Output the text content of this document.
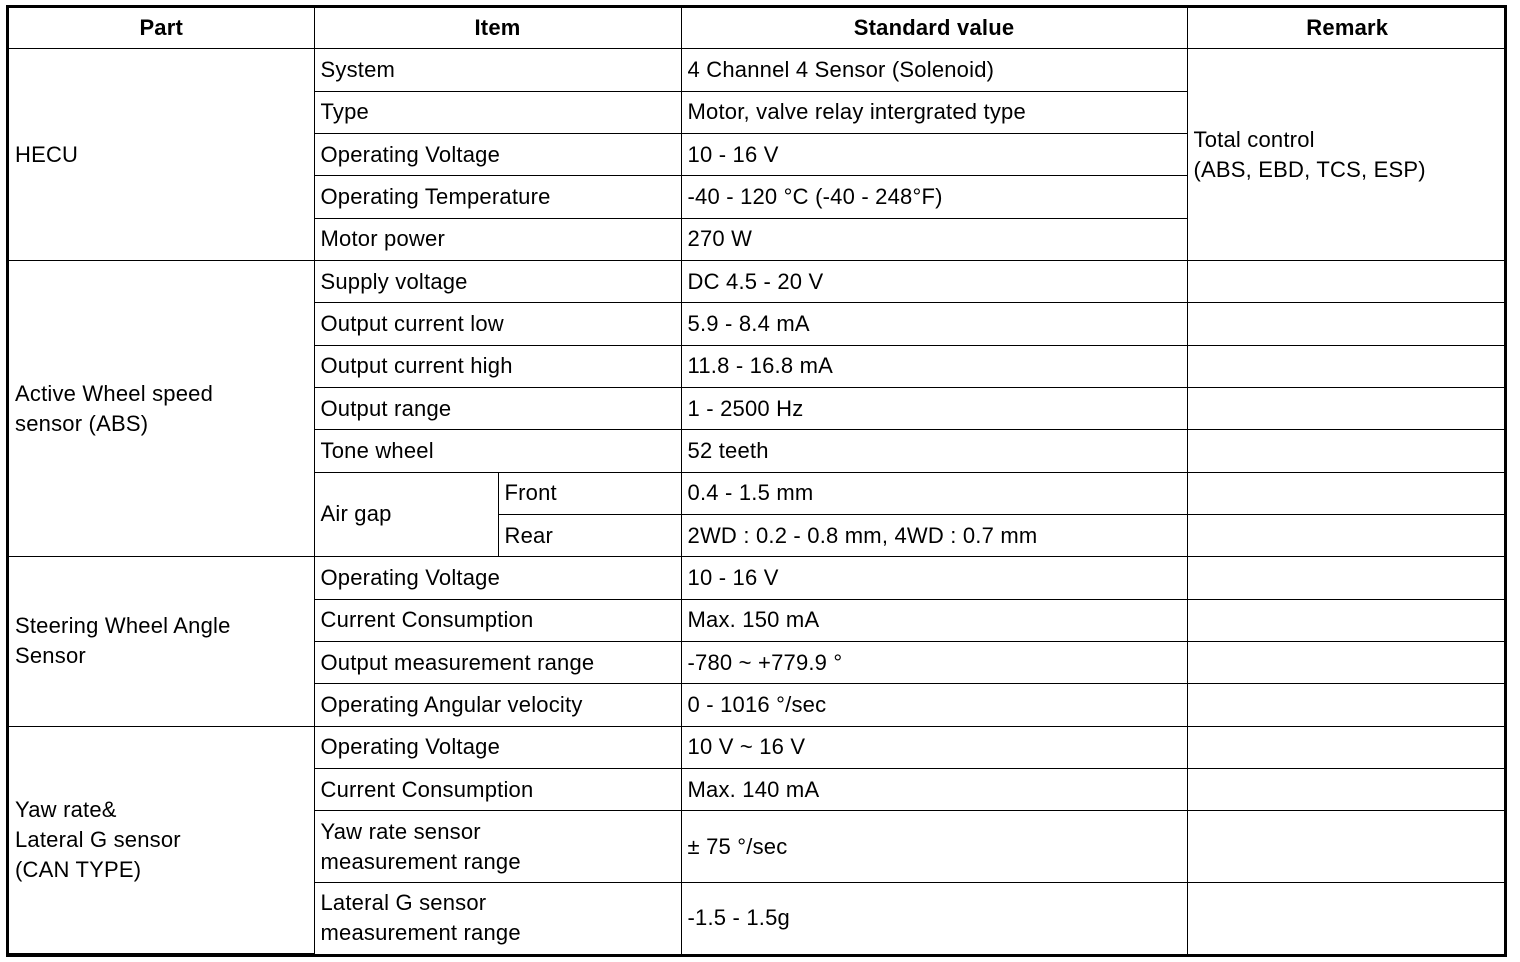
Part	Item		Standard value	Remark
HECU	System		4 Channel 4 Sensor (Solenoid)	Total control
(ABS, EBD, TCS, ESP)
	Type		Motor, valve relay intergrated type	
	Operating Voltage		10 - 16 V	
	Operating Temperature		-40 - 120 °C (-40 - 248°F)	
	Motor power		270 W	
Active Wheel speed
sensor (ABS)	Supply voltage		DC 4.5 - 20 V	
	Output current low		5.9 - 8.4 mA	
	Output current high		11.8 - 16.8 mA	
	Output range		1 - 2500 Hz	
	Tone wheel		52 teeth	
	Air gap	Front	0.4 - 1.5 mm	
		Rear	2WD : 0.2 - 0.8 mm, 4WD : 0.7 mm	
Steering Wheel Angle
Sensor	Operating Voltage		10 - 16 V	
	Current Consumption		Max. 150 mA	
	Output measurement range		-780 ~ +779.9 °	
	Operating Angular velocity		0 - 1016 °/sec	
Yaw rate&
Lateral G sensor
(CAN TYPE)	Operating Voltage		10 V ~ 16 V	
	Current Consumption		Max. 140 mA	
	Yaw rate sensor
measurement range		± 75 °/sec	
	Lateral G sensor
measurement range		-1.5 - 1.5g	
